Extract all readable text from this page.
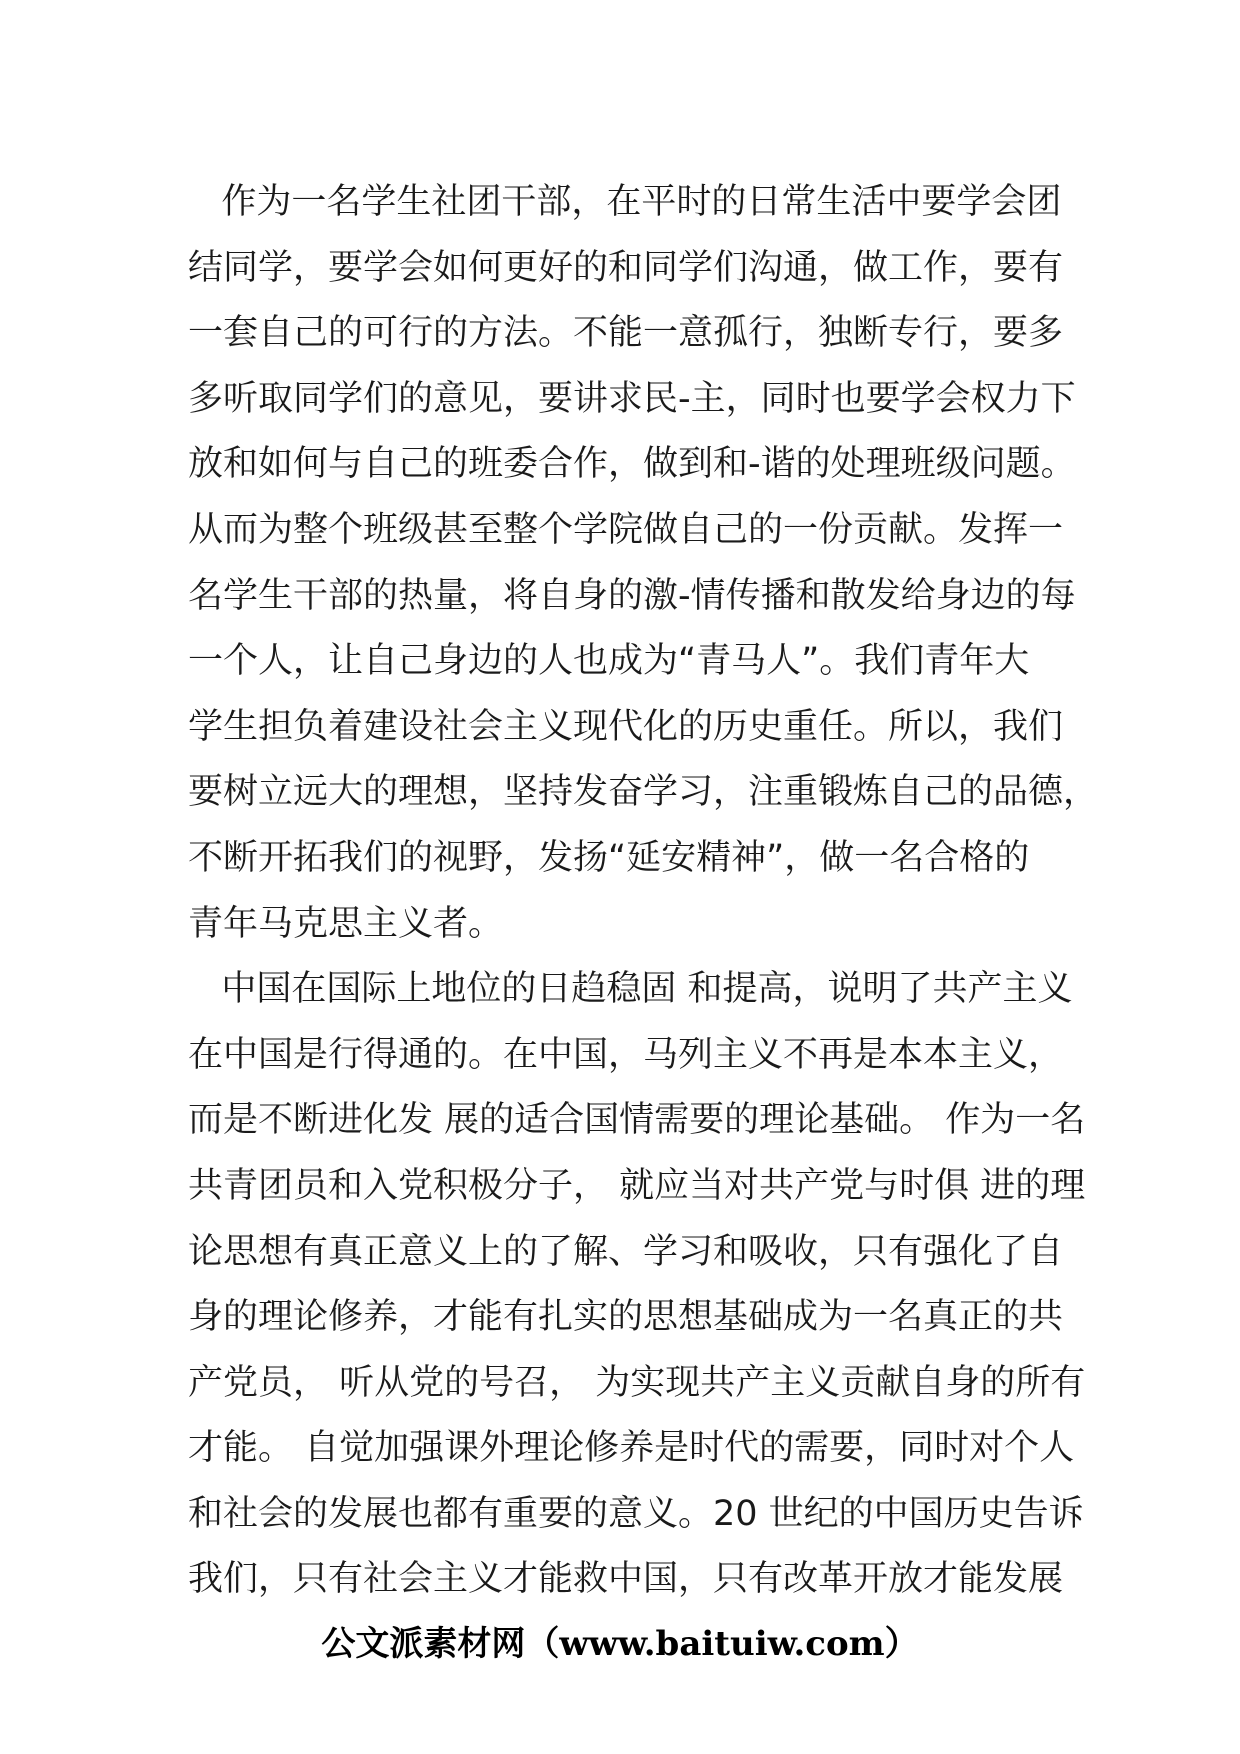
作为一名学生社团干部，在平时的日常生活中要学会团
结同学，要学会如何更好的和同学们沟通，做工作，要有
一套自己的可行的方法。不能一意孤行，独断专行，要多
多听取同学们的意见，要讲求民-主，同时也要学会权力下
放和如何与自己的班委合作，做到和-谐的处理班级问题。
从而为整个班级甚至整个学院做自己的一份贡献。发挥一
名学生干部的热量，将自身的激-情传播和散发给身边的每
一个人，让自己身边的人也成为“青马人”。我们青年大
学生担负着建设社会主义现代化的历史重任。所以，我们
要树立远大的理想，坚持发奋学习，注重锻炼自己的品德，
不断开拓我们的视野，发扬“延安精神”，做一名合格的
青年马克思主义者。
中国在国际上地位的日趋稳固 和提高，说明了共产主义
在中国是行得通的。在中国，马列主义不再是本本主义，
而是不断进化发 展的适合国情需要的理论基础。 作为一名
共青团员和入党积极分子， 就应当对共产党与时俱 进的理
论思想有真正意义上的了解、学习和吸收，只有强化了自
身的理论修养，才能有扎实的思想基础成为一名真正的共
产党员， 听从党的号召， 为实现共产主义贡献自身的所有
才能。 自觉加强课外理论修养是时代的需要，同时对个人
和社会的发展也都有重要的意义。20 世纪的中国历史告诉
我们，只有社会主义才能救中国，只有改革开放才能发展
公文派素材网（www.baituiw.com）
